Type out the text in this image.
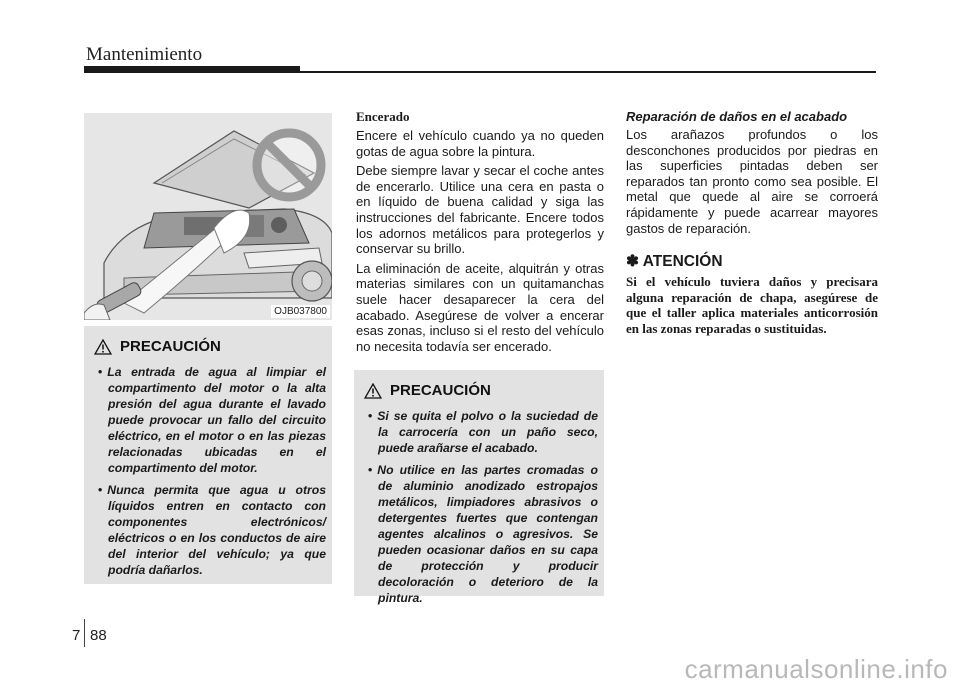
Mantenimiento
OJB037800
PRECAUCIÓN
• La entrada de agua al limpiar el compartimento del motor o la alta presión del agua durante el lavado puede provocar un fallo del circuito eléctrico, en el motor o en las piezas relacionadas ubicadas en el compartimento del motor.
• Nunca permita que agua u otros líquidos entren en contacto con componentes electrónicos/ eléctricos o en los conductos de aire del interior del vehículo; ya que podría dañarlos.

Encerado

Encere el vehículo cuando ya no queden gotas de agua sobre la pintura.

Debe siempre lavar y secar el coche antes de encerarlo. Utilice una cera en pasta o en líquido de buena calidad y siga las instrucciones del fabricante. Encere todos los adornos metálicos para protegerlos y conservar su brillo.

La eliminación de aceite, alquitrán y otras materias similares con un quitamanchas suele hacer desaparecer la cera del acabado. Asegúrese de volver a encerar esas zonas, incluso si el resto del vehículo no necesita todavía ser encerado.

PRECAUCIÓN
• Si se quita el polvo o la suciedad de la carrocería con un paño seco, puede arañarse el acabado.
• No utilice en las partes cromadas o de aluminio anodizado estropajos metálicos, limpiadores abrasivos o detergentes fuertes que contengan agentes alcalinos o agresivos. Se pueden ocasionar daños en su capa de protección y producir decoloración o deterioro de la pintura.

Reparación de daños en el acabado

Los arañazos profundos o los desconchones producidos por piedras en las superficies pintadas deben ser reparados tan pronto como sea posible. El metal que quede al aire se corroerá rápidamente y puede acarrear mayores gastos de reparación.

✽ ATENCIÓN

Si el vehículo tuviera daños y precisara alguna reparación de chapa, asegúrese de que el taller aplica materiales anticorrosión en las zonas reparadas o sustituidas.

7 88
carmanualsonline.info
